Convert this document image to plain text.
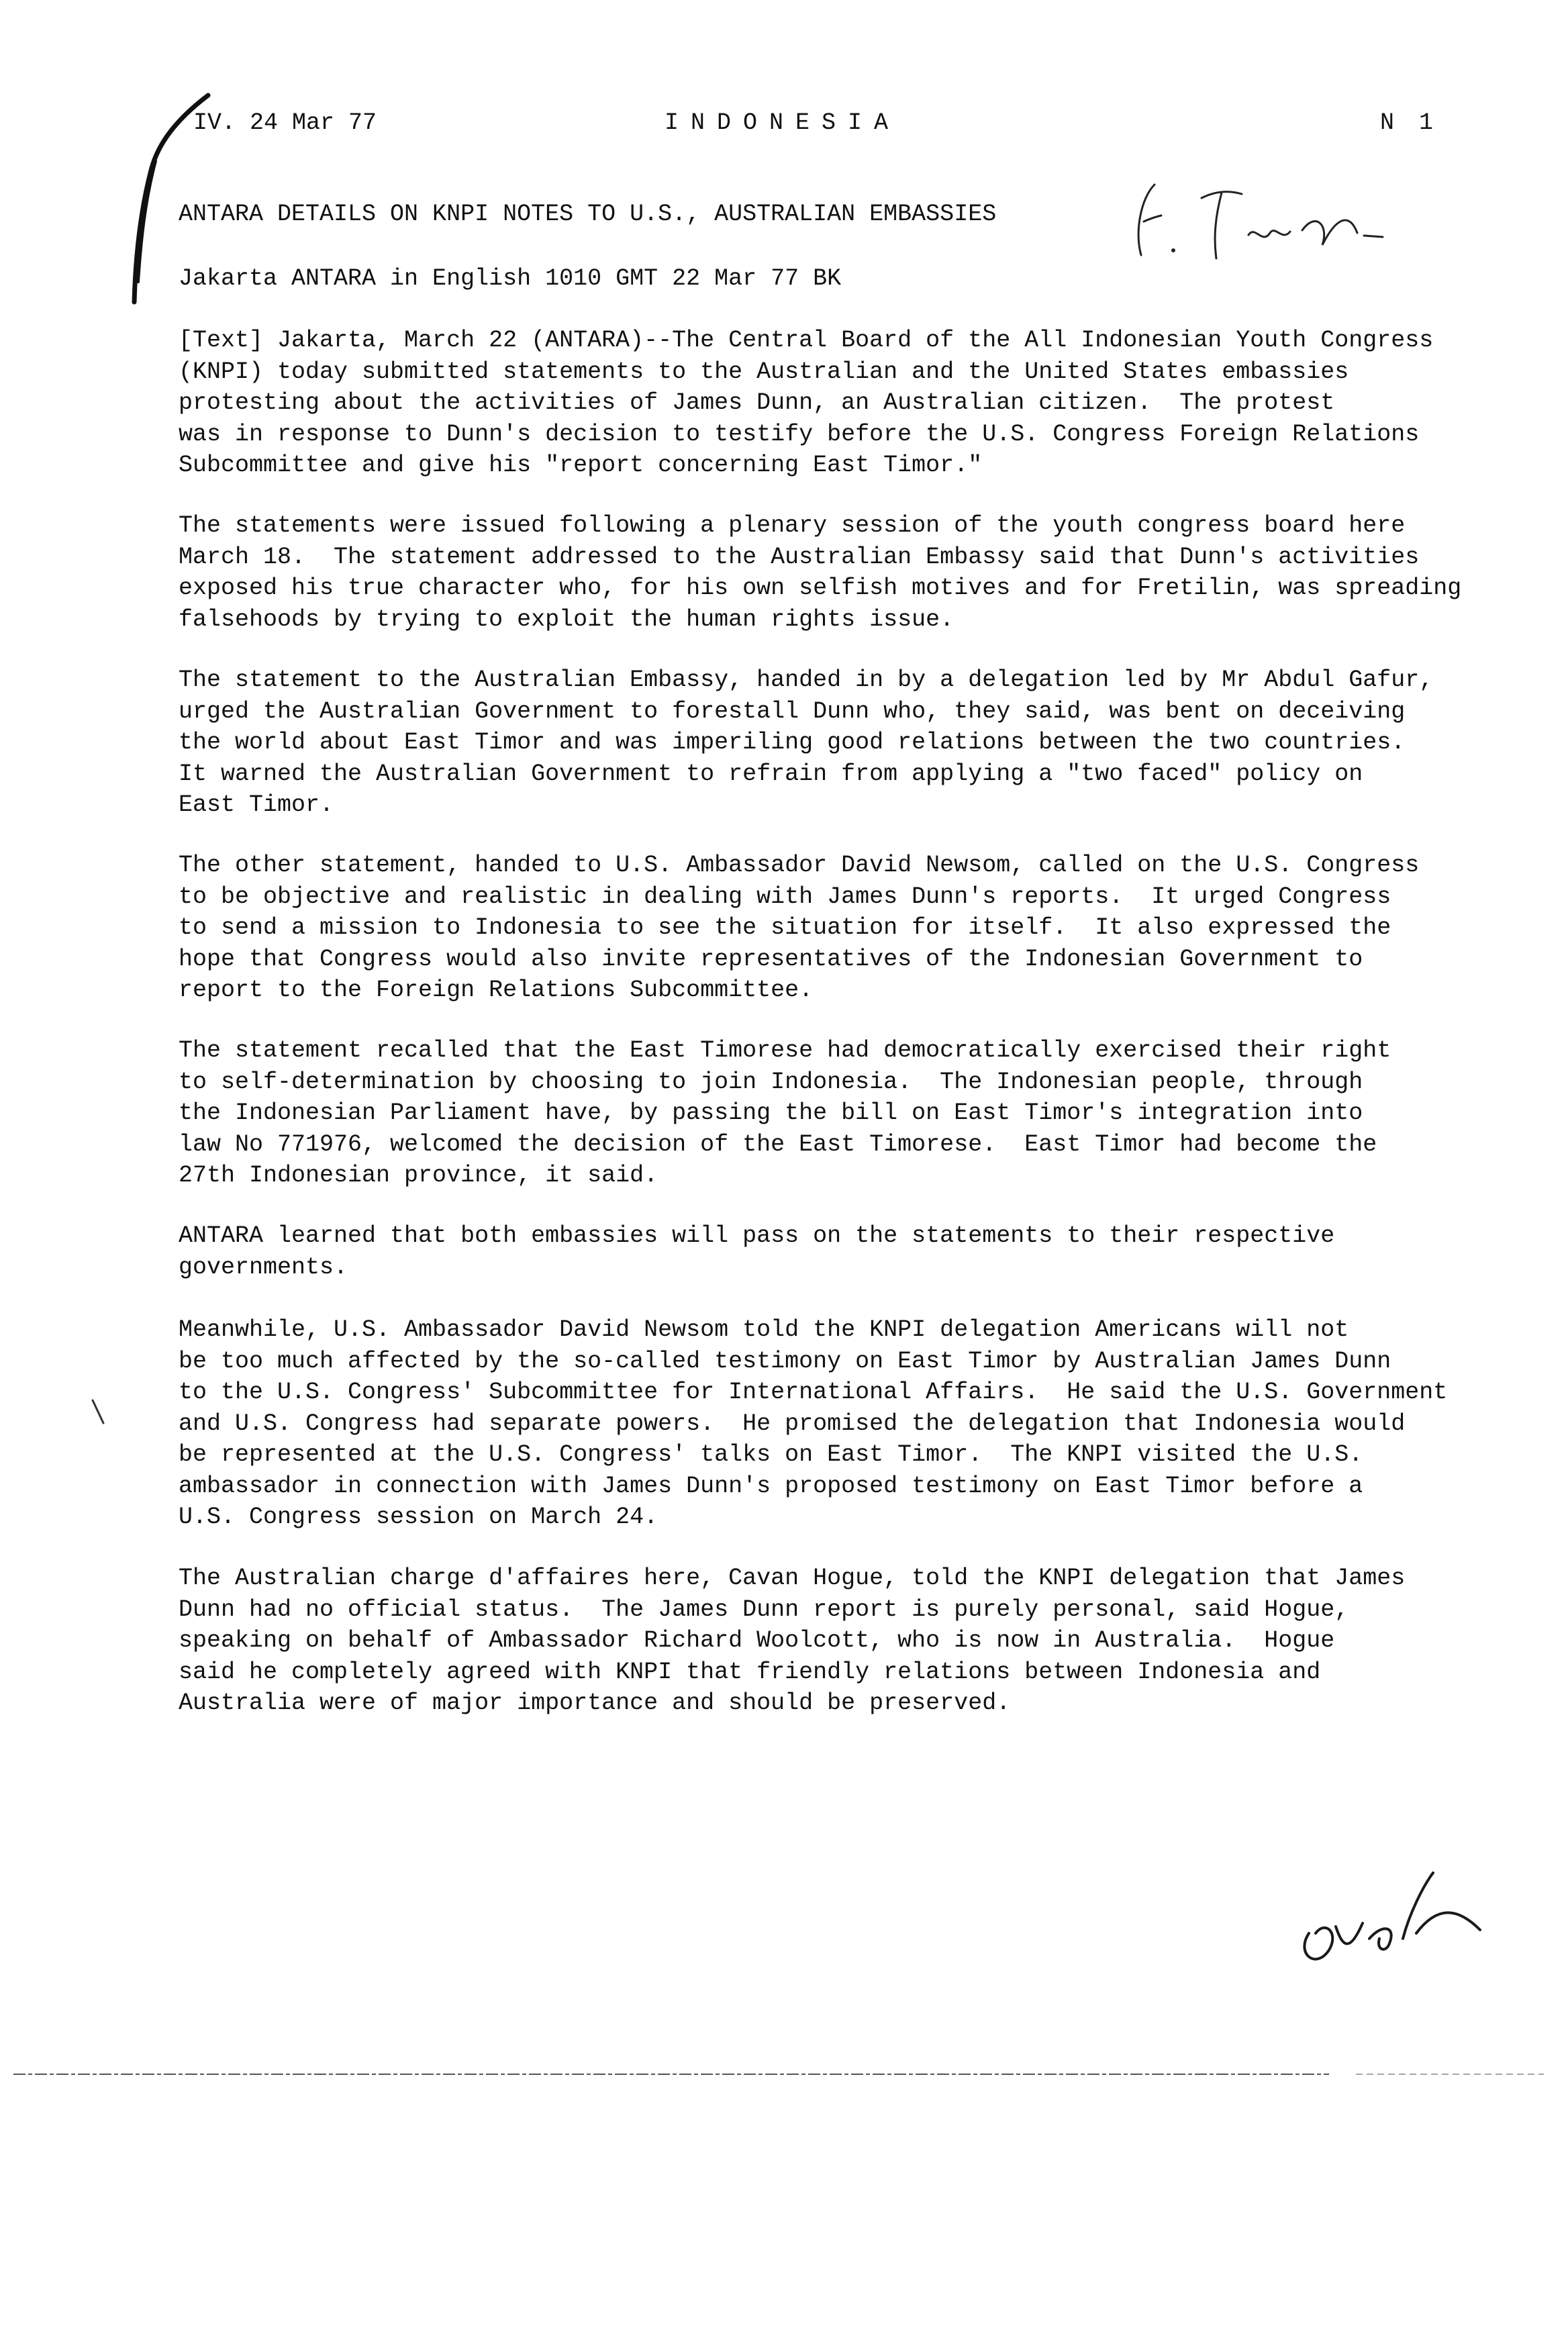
IV. 24 Mar 77	INDONESIA	N 1
ANTARA DETAILS ON KNPI NOTES TO U.S., AUSTRALIAN EMBASSIES
Jakarta ANTARA in English 1010 GMT 22 Mar 77 BK
[Text] Jakarta, March 22 (ANTARA)--The Central Board of the All Indonesian Youth Congress
(KNPI) today submitted statements to the Australian and the United States embassies
protesting about the activities of James Dunn, an Australian citizen.  The protest
was in response to Dunn's decision to testify before the U.S. Congress Foreign Relations
Subcommittee and give his "report concerning East Timor."
The statements were issued following a plenary session of the youth congress board here
March 18.  The statement addressed to the Australian Embassy said that Dunn's activities
exposed his true character who, for his own selfish motives and for Fretilin, was spreading
falsehoods by trying to exploit the human rights issue.
The statement to the Australian Embassy, handed in by a delegation led by Mr Abdul Gafur,
urged the Australian Government to forestall Dunn who, they said, was bent on deceiving
the world about East Timor and was imperiling good relations between the two countries.
It warned the Australian Government to refrain from applying a "two faced" policy on
East Timor.
The other statement, handed to U.S. Ambassador David Newsom, called on the U.S. Congress
to be objective and realistic in dealing with James Dunn's reports.  It urged Congress
to send a mission to Indonesia to see the situation for itself.  It also expressed the
hope that Congress would also invite representatives of the Indonesian Government to
report to the Foreign Relations Subcommittee.
The statement recalled that the East Timorese had democratically exercised their right
to self-determination by choosing to join Indonesia.  The Indonesian people, through
the Indonesian Parliament have, by passing the bill on East Timor's integration into
law No 771976, welcomed the decision of the East Timorese.  East Timor had become the
27th Indonesian province, it said.
ANTARA learned that both embassies will pass on the statements to their respective
governments.
Meanwhile, U.S. Ambassador David Newsom told the KNPI delegation Americans will not
be too much affected by the so-called testimony on East Timor by Australian James Dunn
to the U.S. Congress' Subcommittee for International Affairs.  He said the U.S. Government
and U.S. Congress had separate powers.  He promised the delegation that Indonesia would
be represented at the U.S. Congress' talks on East Timor.  The KNPI visited the U.S.
ambassador in connection with James Dunn's proposed testimony on East Timor before a
U.S. Congress session on March 24.
The Australian charge d'affaires here, Cavan Hogue, told the KNPI delegation that James
Dunn had no official status.  The James Dunn report is purely personal, said Hogue,
speaking on behalf of Ambassador Richard Woolcott, who is now in Australia.  Hogue
said he completely agreed with KNPI that friendly relations between Indonesia and
Australia were of major importance and should be preserved.
